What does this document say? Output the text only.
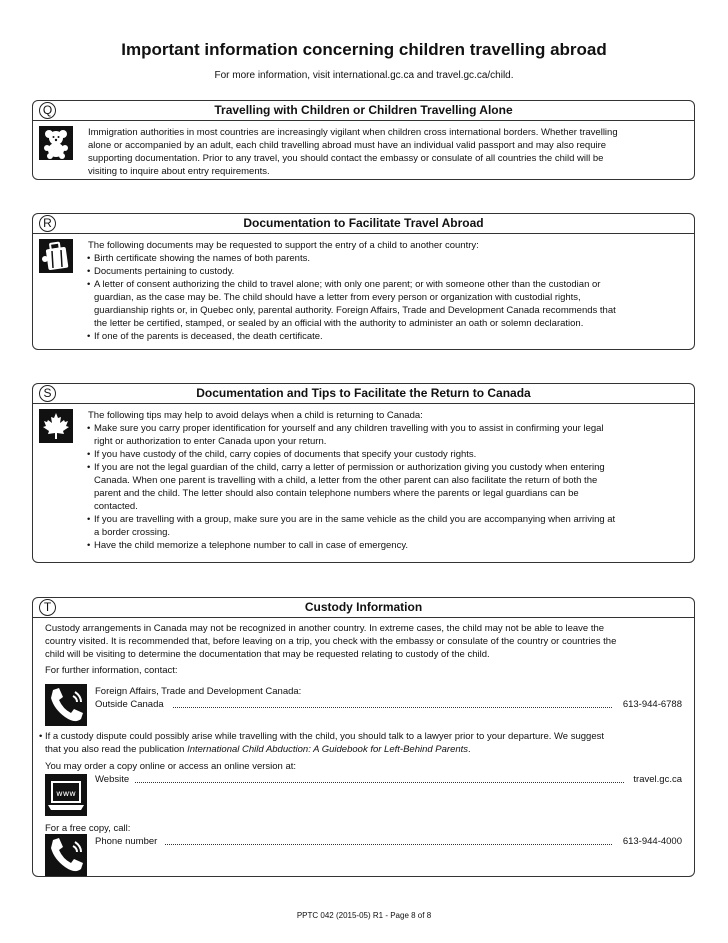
Important information concerning children travelling abroad
For more information, visit international.gc.ca and travel.gc.ca/child.
Q	Travelling with Children or Children Travelling Alone

Immigration authorities in most countries are increasingly vigilant when children cross international borders. Whether travelling

alone or accompanied by an adult, each child travelling abroad must have an individual valid passport and may also require

supporting documentation. Prior to any travel, you should contact the embassy or consulate of all countries the child will be

visiting to inquire about entry requirements.

R	Documentation to Facilitate Travel Abroad

The following documents may be requested to support the entry of a child to another country:

• Birth certificate showing the names of both parents.
• Documents pertaining to custody.
• A letter of consent authorizing the child to travel alone; with only one parent; or with someone other than the custodian or
guardian, as the case may be. The child should have a letter from every person or organization with custodial rights,
guardianship rights or, in Quebec only, parental authority. Foreign Affairs, Trade and Development Canada recommends that
the letter be certified, stamped, or sealed by an official with the authority to administer an oath or solemn declaration.
• If one of the parents is deceased, the death certificate.
S	Documentation and Tips to Facilitate the Return to Canada

The following tips may help to avoid delays when a child is returning to Canada:

• Make sure you carry proper identification for yourself and any children travelling with you to assist in confirming your legal
right or authorization to enter Canada upon your return.
• If you have custody of the child, carry copies of documents that specify your custody rights.
• If you are not the legal guardian of the child, carry a letter of permission or authorization giving you custody when entering
Canada. When one parent is travelling with a child, a letter from the other parent can also facilitate the return of both the
parent and the child. The letter should also contain telephone numbers where the parents or legal guardians can be
contacted.
• If you are travelling with a group, make sure you are in the same vehicle as the child you are accompanying when arriving at
a border crossing.
• Have the child memorize a telephone number to call in case of emergency.
T	Custody Information

Custody arrangements in Canada may not be recognized in another country. In extreme cases, the child may not be able to leave the

country visited. It is recommended that, before leaving on a trip, you check with the embassy or consulate of the country or countries the

child will be visiting to determine the documentation that may be requested relating to custody of the child.

For further information, contact:

Foreign Affairs, Trade and Development Canada:

Outside Canada	613-944-6788

• If a custody dispute could possibly arise while travelling with the child, you should talk to a lawyer prior to your departure. We suggest

that you also read the publication International Child Abduction: A Guidebook for Left-Behind Parents.

You may order a copy online or access an online version at:

www
Website	travel.gc.ca

For a free copy, call:

Phone number	613-944-4000
PPTC 042 (2015-05) R1 - Page 8 of 8
